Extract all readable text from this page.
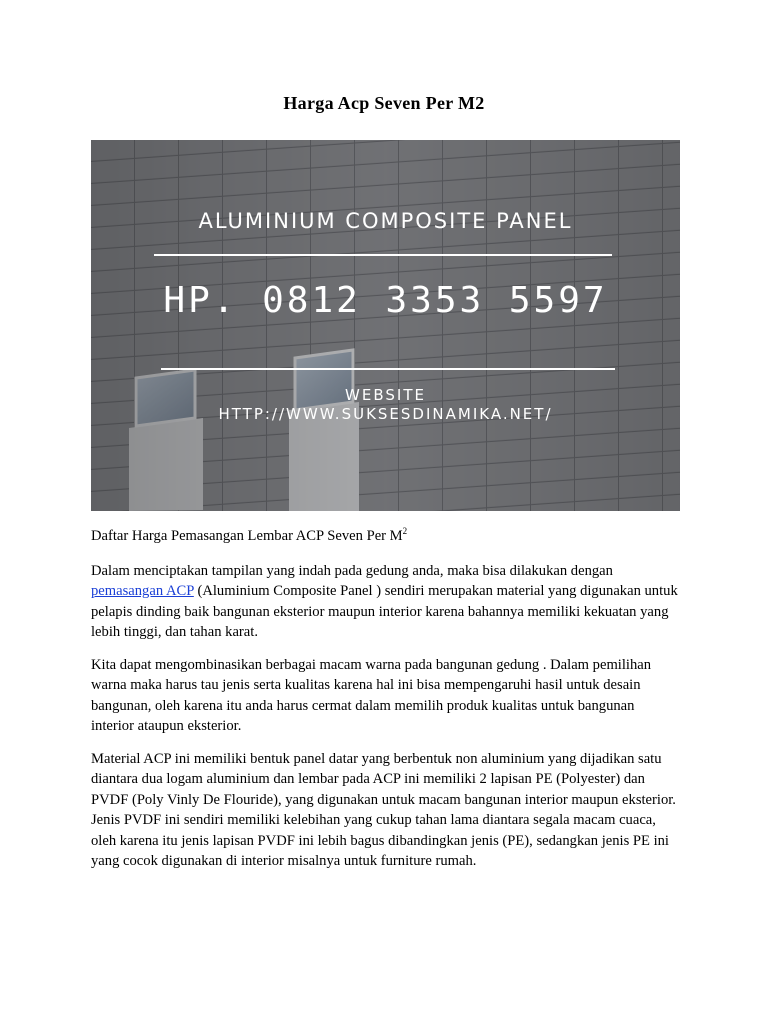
Harga Acp Seven Per M2
ALUMINIUM COMPOSITE PANEL
HP. 0812 3353 5597
WEBSITE
HTTP://WWW.SUKSESDINAMIKA.NET/

Daftar Harga Pemasangan Lembar ACP Seven Per $M^2$

Dalam menciptakan tampilan yang indah pada gedung anda, maka bisa dilakukan dengan pemasangan ACP (Aluminium Composite Panel ) sendiri merupakan material yang digunakan untuk pelapis dinding baik bangunan eksterior maupun interior karena bahannya memiliki kekuatan yang lebih tinggi, dan tahan karat.

Kita dapat mengombinasikan berbagai macam warna pada bangunan gedung . Dalam pemilihan warna maka harus tau jenis serta kualitas karena hal ini bisa mempengaruhi hasil untuk desain bangunan, oleh karena itu anda harus cermat dalam memilih produk kualitas untuk bangunan interior ataupun eksterior.

Material ACP ini memiliki bentuk panel datar yang berbentuk non aluminium yang dijadikan satu diantara dua logam aluminium dan lembar pada ACP ini memiliki 2 lapisan PE (Polyester) dan PVDF (Poly Vinly De Flouride), yang digunakan untuk macam bangunan interior maupun eksterior. Jenis PVDF ini sendiri memiliki kelebihan yang cukup tahan lama diantara segala macam cuaca, oleh karena itu jenis lapisan PVDF ini lebih bagus dibandingkan jenis (PE), sedangkan jenis PE ini yang cocok digunakan di interior misalnya untuk furniture rumah.
